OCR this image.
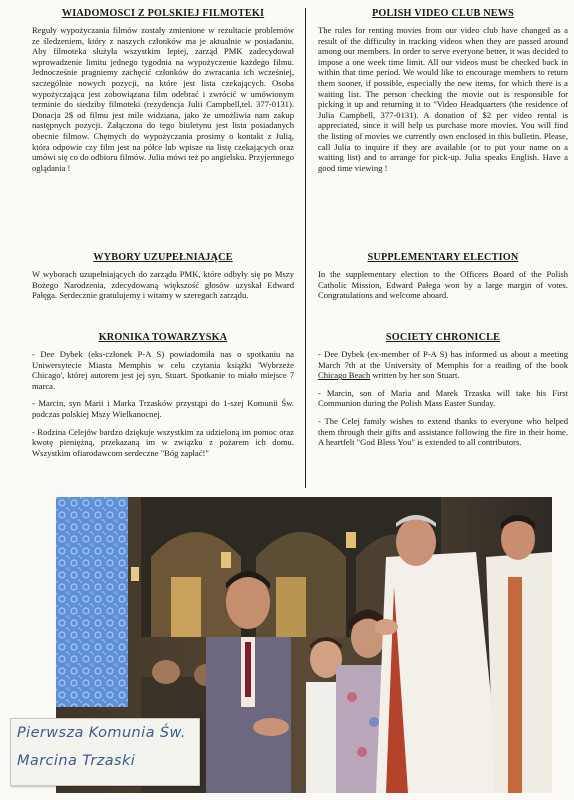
WIADOMOSCI Z POLSKIEJ FILMOTEKI

Reguły wypożyczania filmów zostały zmienione w rezultacie problemów ze śledzeniem, który z naszych członków ma je aktualnie w posiadaniu. Aby filmoteka służyła wszystkim lepiej, zarząd PMK zadecydował wprowadzenie limitu jednego tygodnia na wypożyczenie każdego filmu. Jednocześnie pragniemy zachęcić członków do zwracania ich wcześniej, szczególnie nowych pozycji, na które jest lista czekających. Osoba wypożyczająca jest zobowiązana film odebrać i zwrócić w umówionym terminie do siedziby filmoteki (rezydencja Julii Campbell,tel. 377-0131). Donacja 2$ od filmu jest mile widziana, jako że umożliwia nam zakup następnych pozycji. Załączona do tego biuletynu jest lista posiadanych obecnie filmow. Chętnych do wypożyczania prosimy o kontakt z Julią, która odpowie czy film jest na półce lub wpisze na listę czekających oraz umówi się co do odbioru filmów. Julia mówi też po angielsku. Przyjemnego oglądania !

WYBORY UZUPEŁNIAJĄCE

W wyborach uzupełniających do zarządu PMK, które odbyły się po Mszy Bożego Narodzenia, zdecydowaną większość głosów uzyskał Edward Pałęga. Serdecznie gratulujemy i witamy w szeregach zarządu.

KRONIKA TOWARZYSKA

- Dee Dybek (eks-członek P-A S) powiadomiła nas o spotkaniu na Uniwersytecie Miasta Memphis w celu czytania książki 'Wybrzeże Chicago', której autorem jest jej syn, Stuart. Spotkanie to miało miejsce 7 marca.

- Marcin, syn Marii i Marka Trzasków przystąpi do 1-szej Komunii Św. podczas polskiej Mszy Wielkanocnej.

- Rodzina Celejów bardzo dziękuje wszystkim za udzieloną im pomoc oraz kwotę pieniężną, przekazaną im w związku z pożarem ich domu. Wszystkim ofiarodawcom serdeczne "Bóg zapłać!"

POLISH VIDEO CLUB NEWS

The rules for renting movies from our video club have changed as a result of the difficulty in tracking videos when they are passed around among our members. In order to serve everyone better, it was decided to impose a one week time limit. All our videos must be checked back in within that time period. We would like to encourage members to return them sooner, if possible, especially the new items, for which there is a waiting list. The person checking the movie out is responsible for picking it up and returning it to "Video Headquarters (the residence of Julia Campbell, 377-0131). A donation of $2 per video rental is appreciated, since it will help us purchase more movies. You will find the listing of movies we currently own enclosed in this bulletin. Please, call Julia to inquire if they are available (or to put your name on a waiting list) and to arrange for pick-up. Julia speaks English. Have a good time viewing !

SUPPLEMENTARY ELECTION

In the supplementary election to the Officers Board of the Polish Catholic Mission, Edward Pałega won by a large margin of votes. Congratulations and welcome aboard.

SOCIETY CHRONICLE

- Dee Dybek (ex-member of P-A S) has informed us about a meeting March 7th at the University of Memphis for a reading of the book Chicago Beach written by her son Stuart.

- Marcin, son of Maria and Marek Trzaska will take his First Communion during the Polish Mass Easter Sunday.

- The Celej family wishes to extend thanks to everyone who helped them through their gifts and assistance following the fire in their home. A heartfelt "God Bless You" is extended to all contributors.

Pierwsza Komunia Św.
Marcina Trzaski
